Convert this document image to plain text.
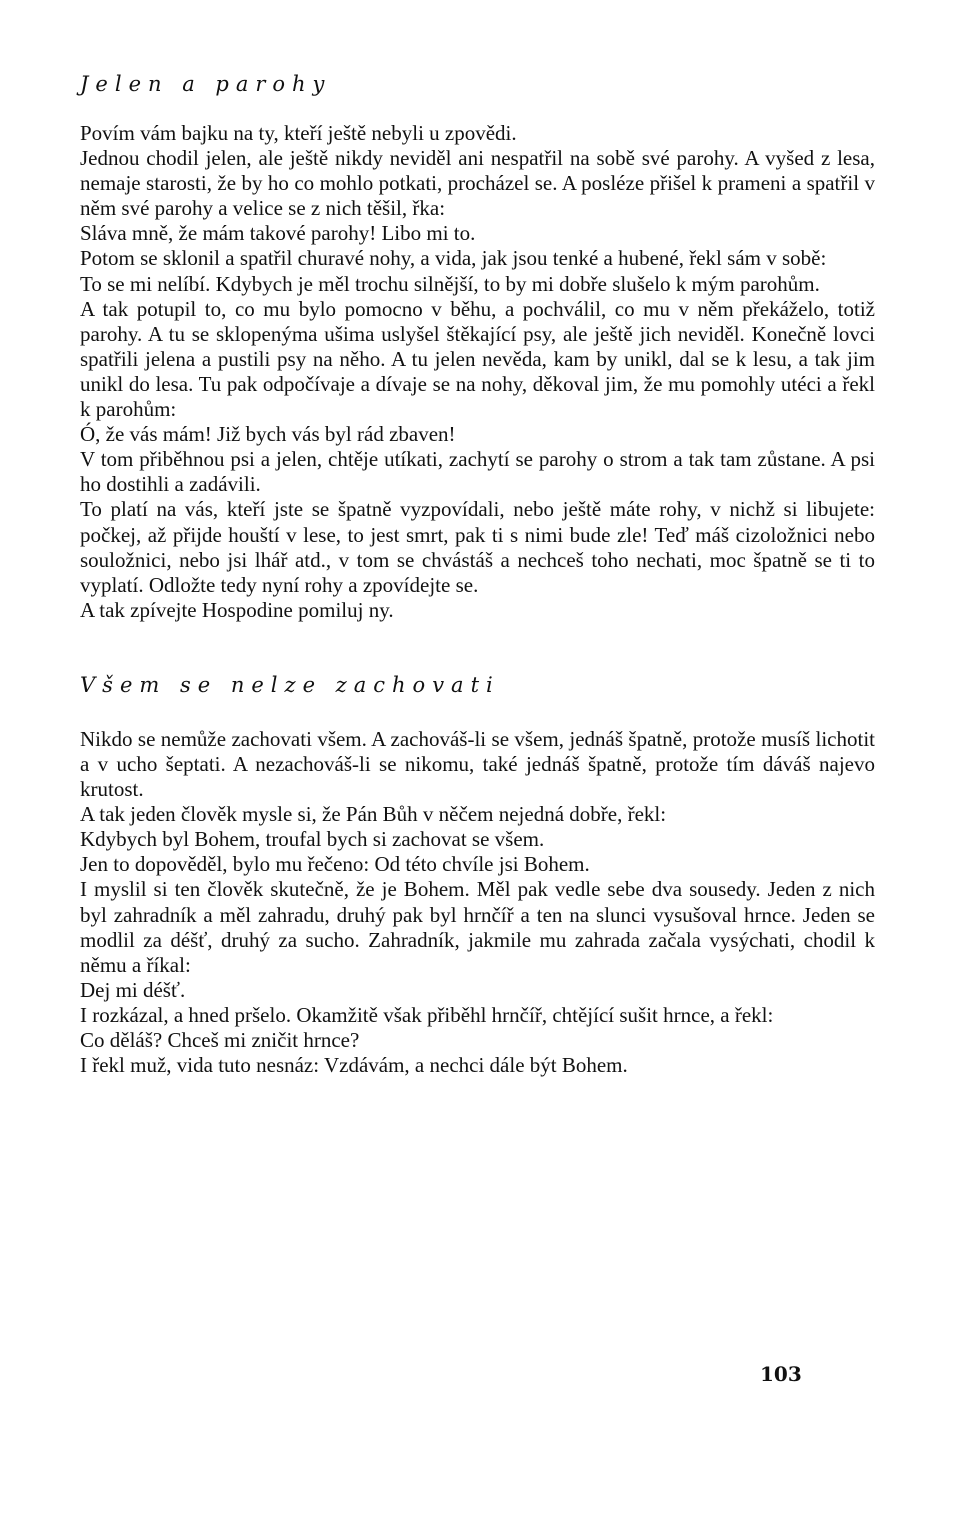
Jelen a parohy

Povím vám bajku na ty, kteří ještě nebyli u zpovědi.

Jednou chodil jelen, ale ještě nikdy neviděl ani nespatřil na sobě své parohy. A vyšed z lesa, nemaje starosti, že by ho co mohlo potkati, procházel se. A posléze přišel k prameni a spatřil v něm své parohy a velice se z nich těšil, řka:

Sláva mně, že mám takové parohy! Libo mi to.

Potom se sklonil a spatřil churavé nohy, a vida, jak jsou tenké a hubené, řekl sám v sobě:

To se mi nelíbí. Kdybych je měl trochu silnější, to by mi dobře slušelo k mým parohům.

A tak potupil to, co mu bylo pomocno v běhu, a pochválil, co mu v něm překáželo, totiž parohy. A tu se sklopenýma ušima uslyšel štěkající psy, ale ještě jich neviděl. Konečně lovci spatřili jelena a pustili psy na něho. A tu jelen nevěda, kam by unikl, dal se k lesu, a tak jim unikl do lesa. Tu pak odpočívaje a dívaje se na nohy, děkoval jim, že mu pomohly utéci a řekl k parohům:

Ó, že vás mám! Již bych vás byl rád zbaven!

V tom přiběhnou psi a jelen, chtěje utíkati, zachytí se parohy o strom a tak tam zůstane. A psi ho dostihli a zadávili.

To platí na vás, kteří jste se špatně vyzpovídali, nebo ještě máte rohy, v nichž si libujete: počkej, až přijde houští v lese, to jest smrt, pak ti s nimi bude zle! Teď máš cizoložnici nebo souložnici, nebo jsi lhář atd., v tom se chvástáš a nechceš toho nechati, moc špatně se ti to vyplatí. Odložte tedy nyní rohy a zpovídejte se.

A tak zpívejte Hospodine pomiluj ny.

Všem se nelze zachovati

Nikdo se nemůže zachovati všem. A zachováš-li se všem, jednáš špatně, protože musíš lichotit a v ucho šeptati. A nezachováš-li se nikomu, také jednáš špatně, protože tím dáváš najevo krutost.

A tak jeden člověk mysle si, že Pán Bůh v něčem nejedná dobře, řekl:

Kdybych byl Bohem, troufal bych si zachovat se všem.

Jen to dopověděl, bylo mu řečeno: Od této chvíle jsi Bohem.

I myslil si ten člověk skutečně, že je Bohem. Měl pak vedle sebe dva sousedy. Jeden z nich byl zahradník a měl zahradu, druhý pak byl hrnčíř a ten na slunci vysušoval hrnce. Jeden se modlil za déšť, druhý za sucho. Zahradník, jakmile mu zahrada začala vysýchati, chodil k němu a říkal:

Dej mi déšť.

I rozkázal, a hned pršelo. Okamžitě však přiběhl hrnčíř, chtějící sušit hrnce, a řekl:

Co děláš? Chceš mi zničit hrnce?

I řekl muž, vida tuto nesnáz: Vzdávám, a nechci dále být Bohem.

103
